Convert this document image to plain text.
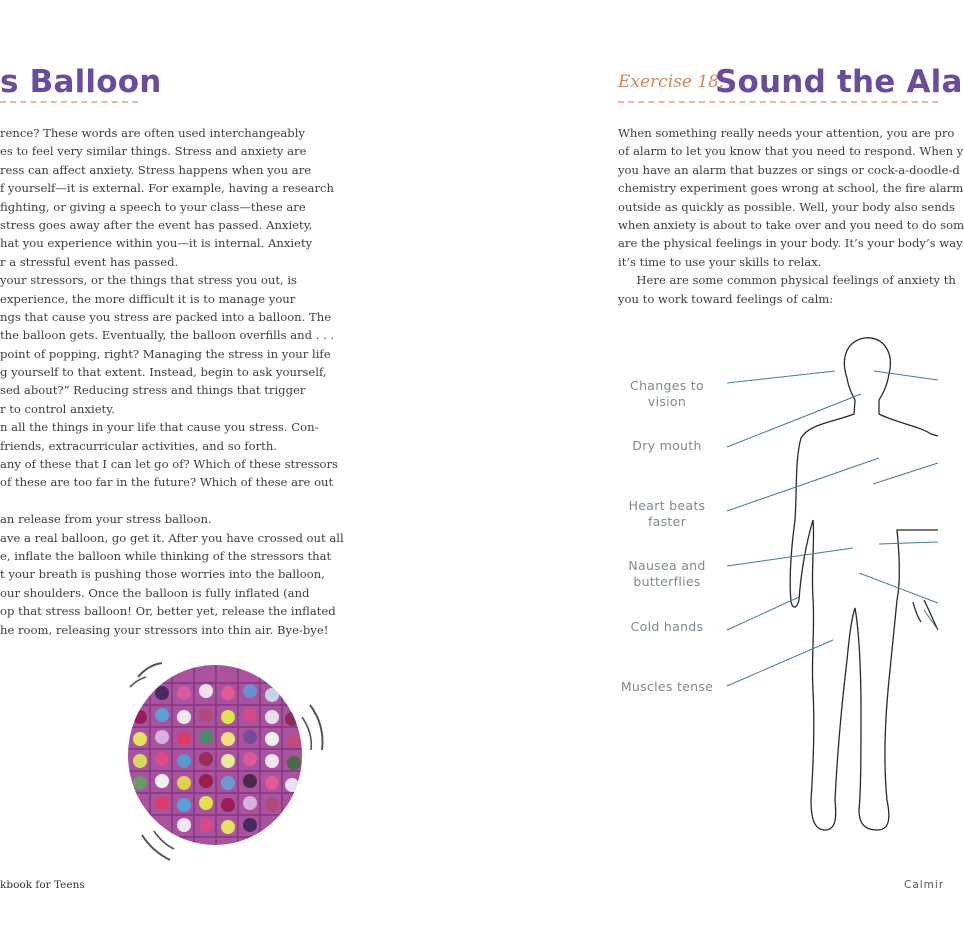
s Balloon
rence? These words are often used interchangeably
es to feel very similar things. Stress and anxiety are
ress can affect anxiety. Stress happens when you are
f yourself—it is external. For example, having a research
fighting, or giving a speech to your class—these are
stress goes away after the event has passed. Anxiety,
hat you experience within you—it is internal. Anxiety
r a stressful event has passed.
your stressors, or the things that stress you out, is
experience, the more difficult it is to manage your
ngs that cause you stress are packed into a balloon. The
the balloon gets. Eventually, the balloon overfills and . . .
point of popping, right? Managing the stress in your life
g yourself to that extent. Instead, begin to ask yourself,
sed about?” Reducing stress and things that trigger
r to control anxiety.
n all the things in your life that cause you stress. Con-
friends, extracurricular activities, and so forth.
any of these that I can let go of? Which of these stressors
of these are too far in the future? Which of these are out
an release from your stress balloon.
ave a real balloon, go get it. After you have crossed out all
e, inflate the balloon while thinking of the stressors that
t your breath is pushing those worries into the balloon,
our shoulders. Once the balloon is fully inflated (and
op that stress balloon! Or, better yet, release the inflated
he room, releasing your stressors into thin air. Bye-bye!
kbook for Teens
Exercise 18:
Sound the Ala
When something really needs your attention, you are pro
of alarm to let you know that you need to respond. When y
you have an alarm that buzzes or sings or cock-a-doodle-d
chemistry experiment goes wrong at school, the fire alarm
outside as quickly as possible. Well, your body also sends
when anxiety is about to take over and you need to do som
are the physical feelings in your body. It’s your body’s way
it’s time to use your skills to relax.
Here are some common physical feelings of anxiety th
you to work toward feelings of calm:
Changes to vision
Dry mouth
Heart beats faster
Nausea and butterflies
Cold hands
Muscles tense
Calmir
